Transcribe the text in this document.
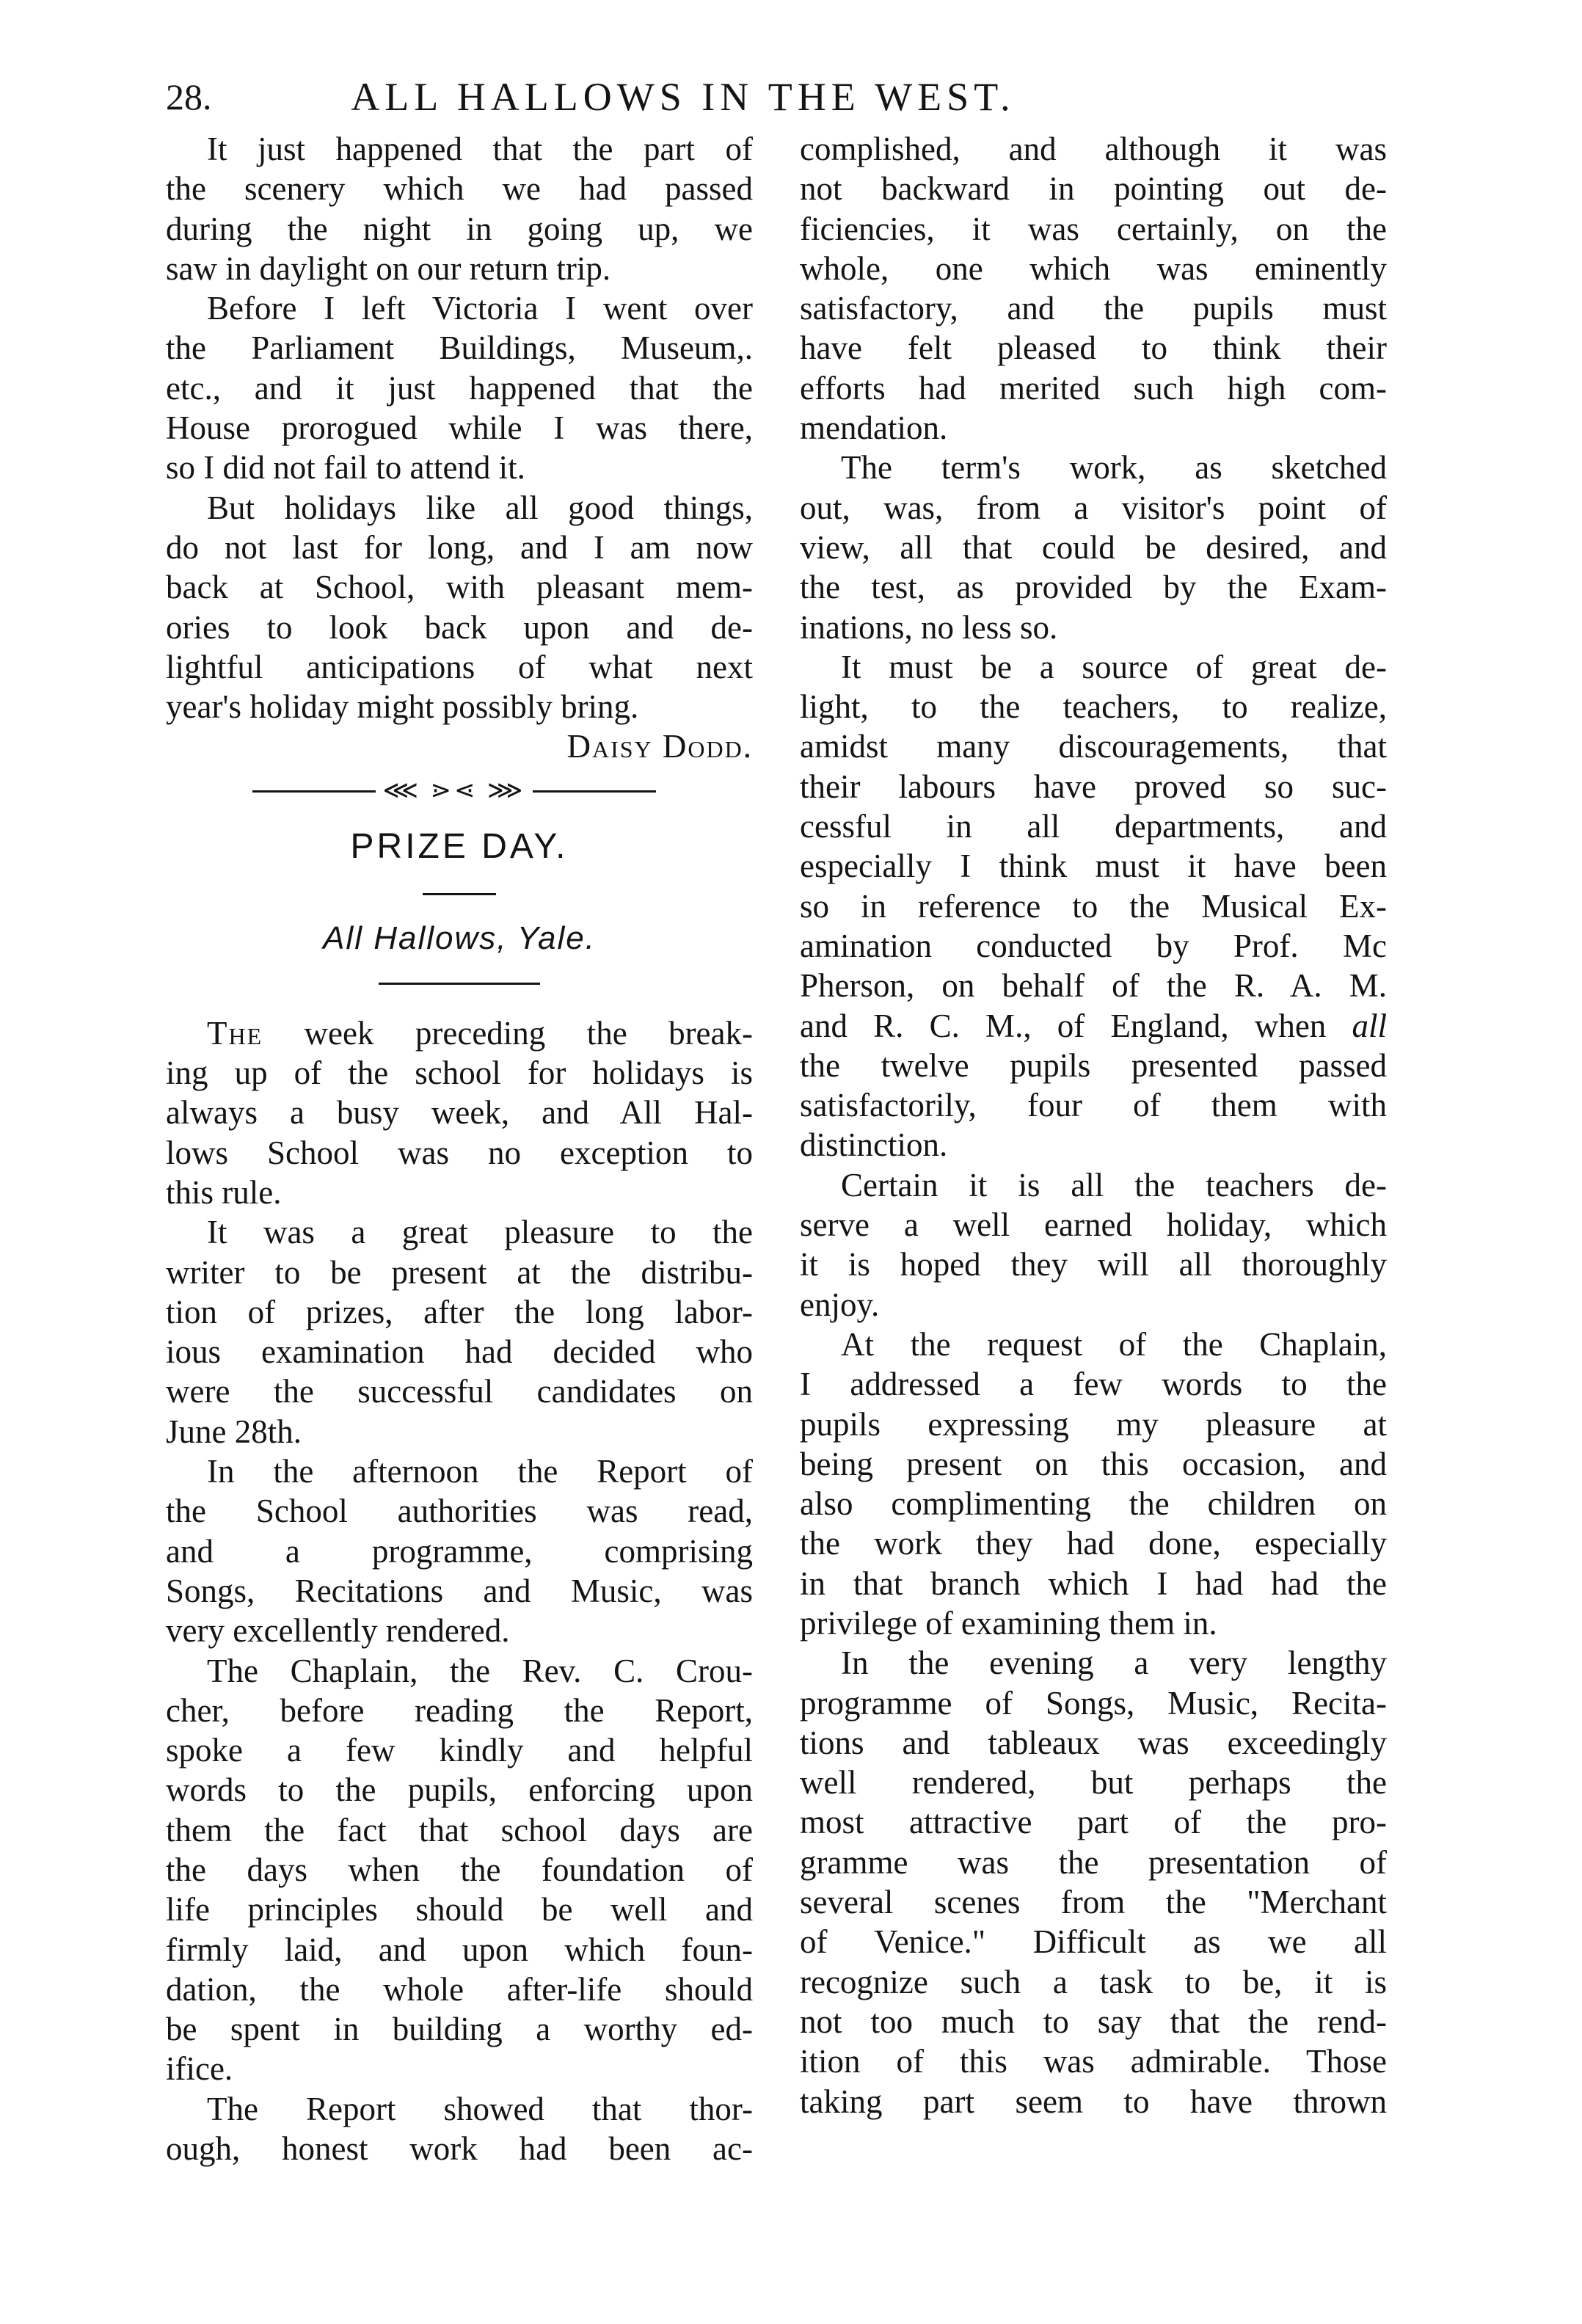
28.	ALL HALLOWS IN THE WEST.
It just happened that the part of
the scenery which we had passed
during the night in going up, we
saw in daylight on our return trip.
Before I left Victoria I went over
the Parliament Buildings, Museum,.
etc., and it just happened that the
House prorogued while I was there,
so I did not fail to attend it.
But holidays like all good things,
do not last for long, and I am now
back at School, with pleasant mem-
ories to look back upon and de-
lightful anticipations of what next
year's holiday might possibly bring.
Daisy Dodd.
⋘ ⋗⋖ ⋙
PRIZE DAY.
All Hallows, Yale.
The week preceding the break-
ing up of the school for holidays is
always a busy week, and All Hal-
lows School was no exception to
this rule.
It was a great pleasure to the
writer to be present at the distribu-
tion of prizes, after the long labor-
ious examination had decided who
were the successful candidates on
June 28th.
In the afternoon the Report of
the School authorities was read,
and a programme, comprising
Songs, Recitations and Music, was
very excellently rendered.
The Chaplain, the Rev. C. Crou-
cher, before reading the Report,
spoke a few kindly and helpful
words to the pupils, enforcing upon
them the fact that school days are
the days when the foundation of
life principles should be well and
firmly laid, and upon which foun-
dation, the whole after-life should
be spent in building a worthy ed-
ifice.
The Report showed that thor-
ough, honest work had been ac-
complished, and although it was
not backward in pointing out de-
ficiencies, it was certainly, on the
whole, one which was eminently
satisfactory, and the pupils must
have felt pleased to think their
efforts had merited such high com-
mendation.
The term's work, as sketched
out, was, from a visitor's point of
view, all that could be desired, and
the test, as provided by the Exam-
inations, no less so.
It must be a source of great de-
light, to the teachers, to realize,
amidst many discouragements, that
their labours have proved so suc-
cessful in all departments, and
especially I think must it have been
so in reference to the Musical Ex-
amination conducted by Prof. Mc
Pherson, on behalf of the R. A. M.
and R. C. M., of England, when all
the twelve pupils presented passed
satisfactorily, four of them with
distinction.
Certain it is all the teachers de-
serve a well earned holiday, which
it is hoped they will all thoroughly
enjoy.
At the request of the Chaplain,
I addressed a few words to the
pupils expressing my pleasure at
being present on this occasion, and
also complimenting the children on
the work they had done, especially
in that branch which I had had the
privilege of examining them in.
In the evening a very lengthy
programme of Songs, Music, Recita-
tions and tableaux was exceedingly
well rendered, but perhaps the
most attractive part of the pro-
gramme was the presentation of
several scenes from the "Merchant
of Venice." Difficult as we all
recognize such a task to be, it is
not too much to say that the rend-
ition of this was admirable. Those
taking part seem to have thrown
